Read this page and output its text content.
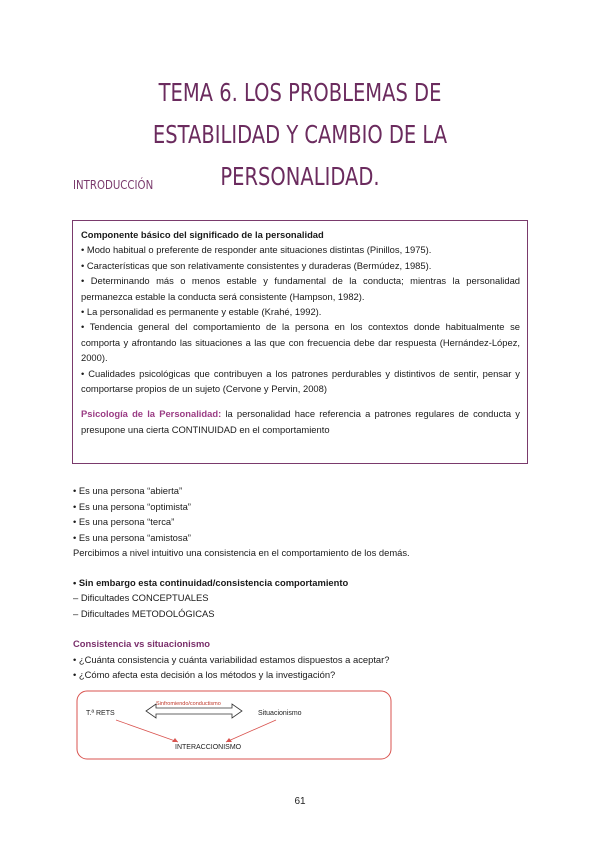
TEMA 6. LOS PROBLEMAS DE ESTABILIDAD Y CAMBIO DE LA
PERSONALIDAD.
INTRODUCCIÓN

Componente básico del significado de la personalidad

• Modo habitual o preferente de responder ante situaciones distintas (Pinillos, 1975).

• Características que son relativamente consistentes y duraderas (Bermúdez, 1985).

• Determinando más o menos estable y fundamental de la conducta; mientras la personalidad permanezca estable la conducta será consistente (Hampson, 1982).

• La personalidad es permanente y estable (Krahé, 1992).

• Tendencia general del comportamiento de la persona en los contextos donde habitualmente se comporta y afrontando las situaciones a las que con frecuencia debe dar respuesta (Hernández-López, 2000).

• Cualidades psicológicas que contribuyen a los patrones perdurables y distintivos de sentir, pensar y comportarse propios de un sujeto (Cervone y Pervin, 2008)

Psicología de la Personalidad: la personalidad hace referencia a patrones regulares de conducta y presupone una cierta CONTINUIDAD en el comportamiento

• Es una persona “abierta”

• Es una persona “optimista”

• Es una persona “terca”

• Es una persona “amistosa”

Percibimos a nivel intuitivo una consistencia en el comportamiento de los demás.

• Sin embargo esta continuidad/consistencia comportamiento

– Dificultades CONCEPTUALES

– Dificultades METODOLÓGICAS

Consistencia vs situacionismo

• ¿Cuánta consistencia y cuánta variabilidad estamos dispuestos a aceptar?

• ¿Cómo afecta esta decisión a los métodos y la investigación?

T.ª RETS
Sinfromiendo/conductismo
Situacionismo
INTERACCIONISMO
61
